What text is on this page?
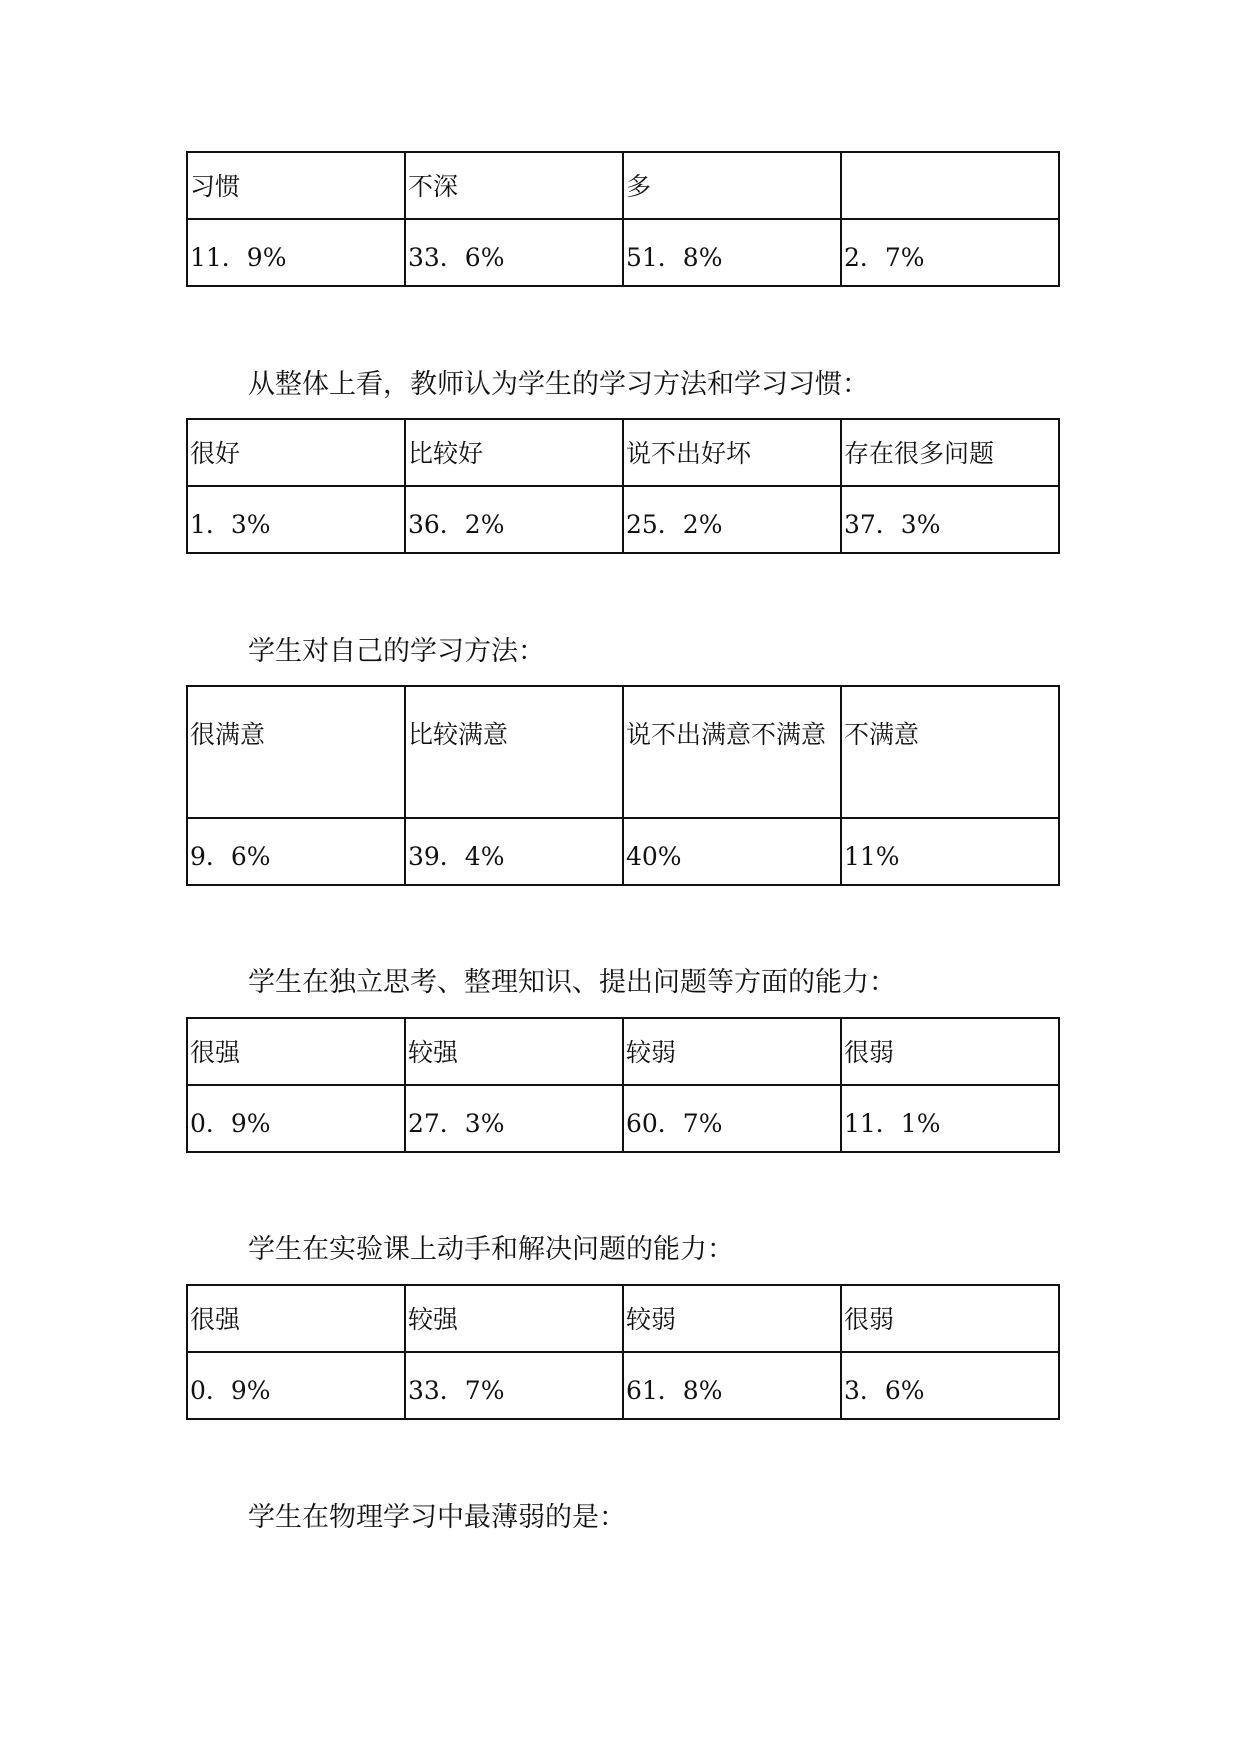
习惯	不深	多	
11．9%	33．6%	51．8%	2．7%

从整体上看，教师认为学生的学习方法和学习习惯：

很好	比较好	说不出好坏	存在很多问题
1．3%	36．2%	25．2%	37．3%

学生对自己的学习方法：

很满意	比较满意	说不出满意不满意	不满意
9．6%	39．4%	40%	11%

学生在独立思考、整理知识、提出问题等方面的能力：

很强	较强	较弱	很弱
0．9%	27．3%	60．7%	11．1%

学生在实验课上动手和解决问题的能力：

很强	较强	较弱	很弱
0．9%	33．7%	61．8%	3．6%

学生在物理学习中最薄弱的是：
